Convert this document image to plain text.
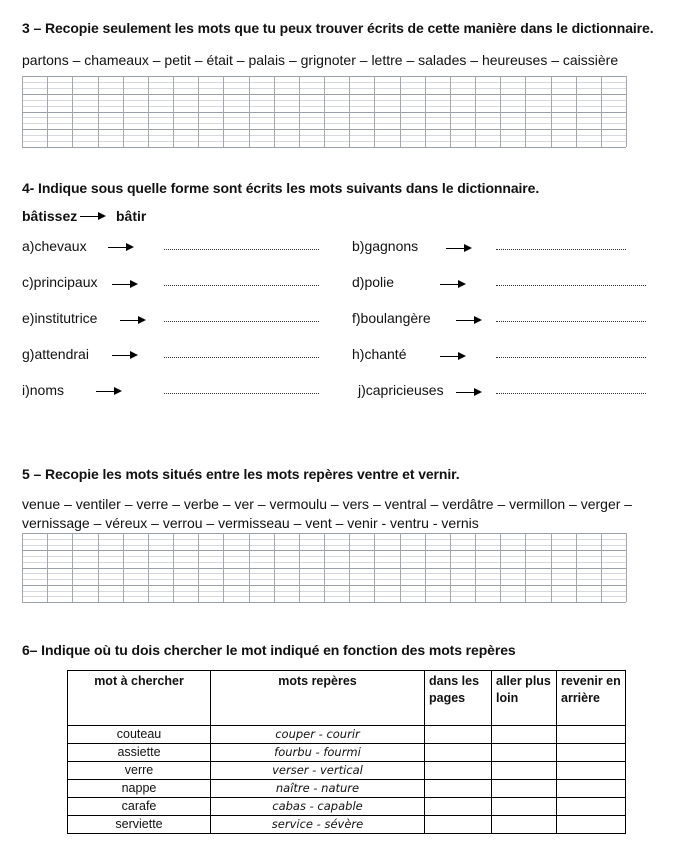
3 – Recopie seulement les mots que tu peux trouver écrits de cette manière dans le dictionnaire.
partons – chameaux – petit – était – palais – grignoter – lettre – salades – heureuses – caissière
4- Indique sous quelle forme sont écrits les mots suivants dans le dictionnaire.
bâtissez	bâtir
a)chevaux
c)principaux
e)institutrice
g)attendrai
i)noms
b)gagnons
d)polie
f)boulangère
h)chanté
j)capricieuses
5 – Recopie les mots situés entre les mots repères ventre et vernir.
venue – ventiler – verre – verbe – ver – vermoulu – vers – ventral – verdâtre – vermillon – verger –
vernissage – véreux – verrou – vermisseau – vent – venir - ventru - vernis
6– Indique où tu dois chercher le mot indiqué en fonction des mots repères
mot à chercher	mots repères	dans les pages	aller plus loin	revenir en arrière
couteau	couper - courir			
assiette	fourbu - fourmi			
verre	verser - vertical			
nappe	naître - nature			
carafe	cabas - capable			
serviette	service - sévère			
